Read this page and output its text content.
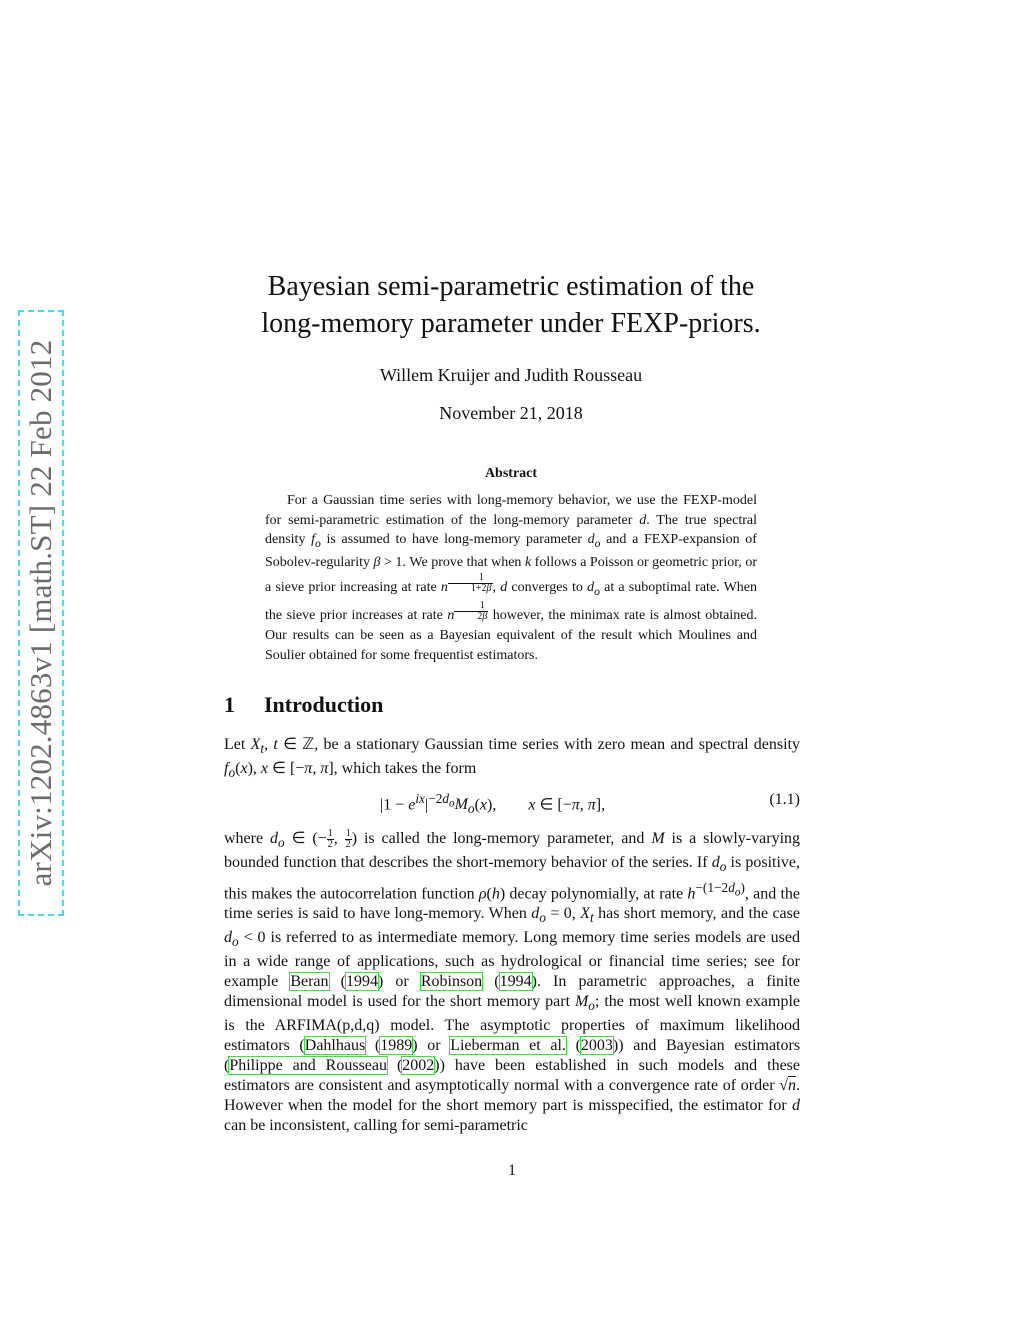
arXiv:1202.4863v1 [math.ST] 22 Feb 2012
Bayesian semi-parametric estimation of the
long-memory parameter under FEXP-priors.
Willem Kruijer and Judith Rousseau
November 21, 2018
Abstract

For a Gaussian time series with long-memory behavior, we use the FEXP-model for semi-parametric estimation of the long-memory parameter d. The true spectral density $f_o$ is assumed to have long-memory parameter $d_o$ and a FEXP-expansion of Sobolev-regularity β > 1. We prove that when k follows a Poisson or geometric prior, or a sieve prior increasing at rate n $^{\frac{1}{1+2\beta}}$ , d converges to $d_o$ at a suboptimal rate. When the sieve prior increases at rate n $^{\frac{1}{2\beta}}$ however, the minimax rate is almost obtained. Our results can be seen as a Bayesian equivalent of the result which Moulines and Soulier obtained for some frequentist estimators.

1 Introduction

Let $X_t$, t ∈ ℤ, be a stationary Gaussian time series with zero mean and spectral density $f_o(x)$, x ∈ [−π, π], which takes the form

$|1 - e^{ix}|^{-2d_o}M_o(x)$,        x ∈ [−π, π],	(1.1)

where $d_o$ ∈ (− $\frac{1}{2}$ , $\frac{1}{2}$ ) is called the long-memory parameter, and M is a slowly-varying bounded function that describes the short-memory behavior of the series. If $d_o$ is positive, this makes the autocorrelation function ρ(h) decay polynomially, at rate $h^{-(1-2d_o)}$, and the time series is said to have long-memory. When $d_o = 0$, $X_t$ has short memory, and the case $d_o < 0$ is referred to as intermediate memory. Long memory time series models are used in a wide range of applications, such as hydrological or financial time series; see for example Beran (1994) or Robinson (1994). In parametric approaches, a finite dimensional model is used for the short memory part $M_o$; the most well known example is the ARFIMA(p,d,q) model. The asymptotic properties of maximum likelihood estimators (Dahlhaus (1989) or Lieberman et al. (2003)) and Bayesian estimators (Philippe and Rousseau (2002)) have been established in such models and these estimators are consistent and asymptotically normal with a convergence rate of order √n. However when the model for the short memory part is misspecified, the estimator for d can be inconsistent, calling for semi-parametric

1
